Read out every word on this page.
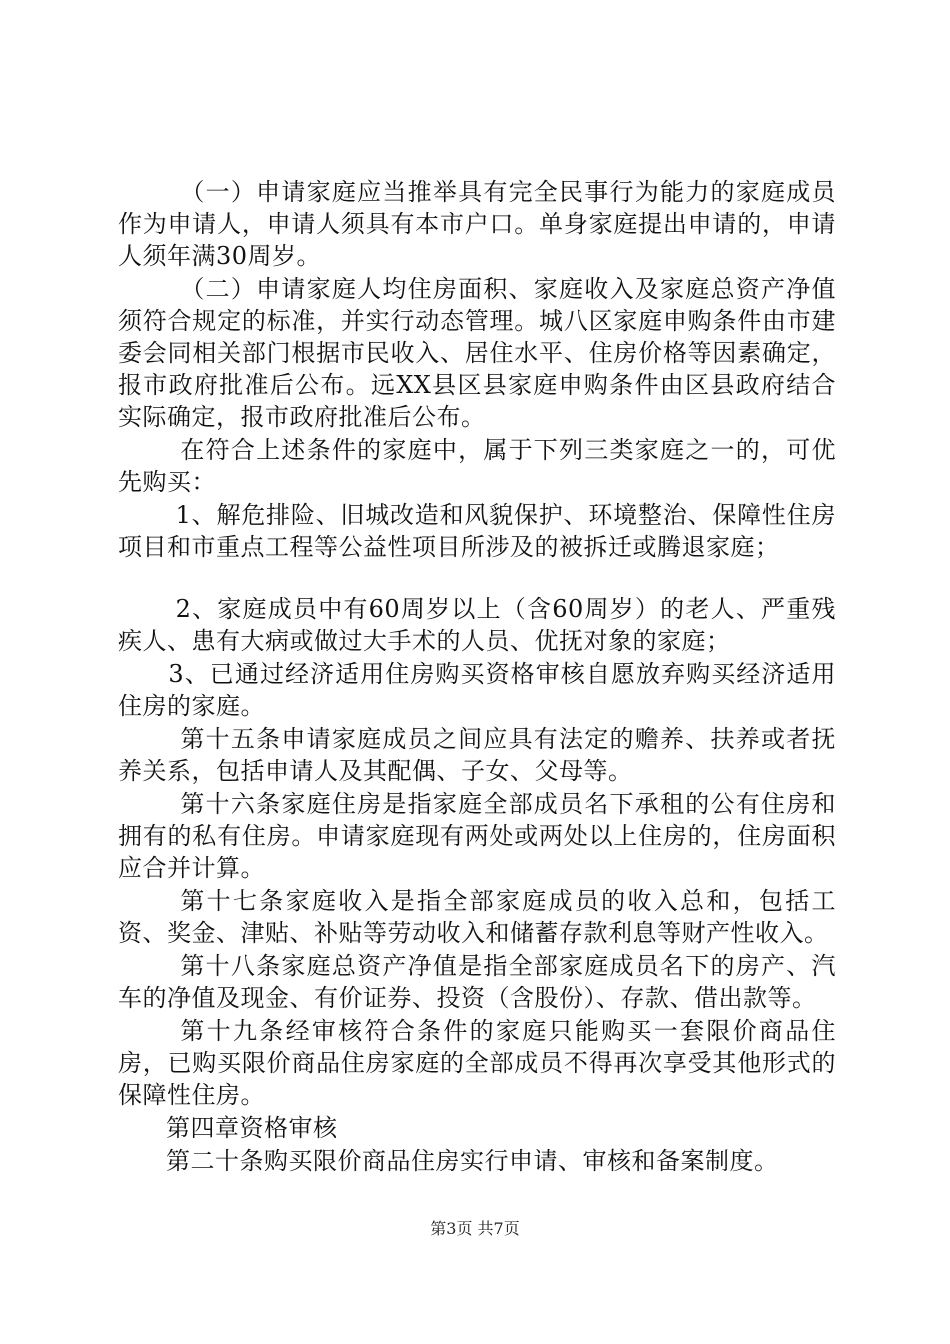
（一）申请家庭应当推举具有完全民事行为能力的家庭成员作为申请人，申请人须具有本市户口。单身家庭提出申请的，申请人须年满30周岁。

（二）申请家庭人均住房面积、家庭收入及家庭总资产净值须符合规定的标准，并实行动态管理。城八区家庭申购条件由市建委会同相关部门根据市民收入、居住水平、住房价格等因素确定，报市政府批准后公布。远XX县区县家庭申购条件由区县政府结合实际确定，报市政府批准后公布。

在符合上述条件的家庭中，属于下列三类家庭之一的，可优先购买：

1、解危排险、旧城改造和风貌保护、环境整治、保障性住房项目和市重点工程等公益性项目所涉及的被拆迁或腾退家庭；

2、家庭成员中有60周岁以上（含60周岁）的老人、严重残疾人、患有大病或做过大手术的人员、优抚对象的家庭；

3、已通过经济适用住房购买资格审核自愿放弃购买经济适用住房的家庭。

第十五条申请家庭成员之间应具有法定的赡养、扶养或者抚养关系，包括申请人及其配偶、子女、父母等。

第十六条家庭住房是指家庭全部成员名下承租的公有住房和拥有的私有住房。申请家庭现有两处或两处以上住房的，住房面积应合并计算。

第十七条家庭收入是指全部家庭成员的收入总和，包括工资、奖金、津贴、补贴等劳动收入和储蓄存款利息等财产性收入。

第十八条家庭总资产净值是指全部家庭成员名下的房产、汽车的净值及现金、有价证券、投资（含股份）、存款、借出款等。

第十九条经审核符合条件的家庭只能购买一套限价商品住房，已购买限价商品住房家庭的全部成员不得再次享受其他形式的保障性住房。

第四章资格审核

第二十条购买限价商品住房实行申请、审核和备案制度。

第3页 共7页
